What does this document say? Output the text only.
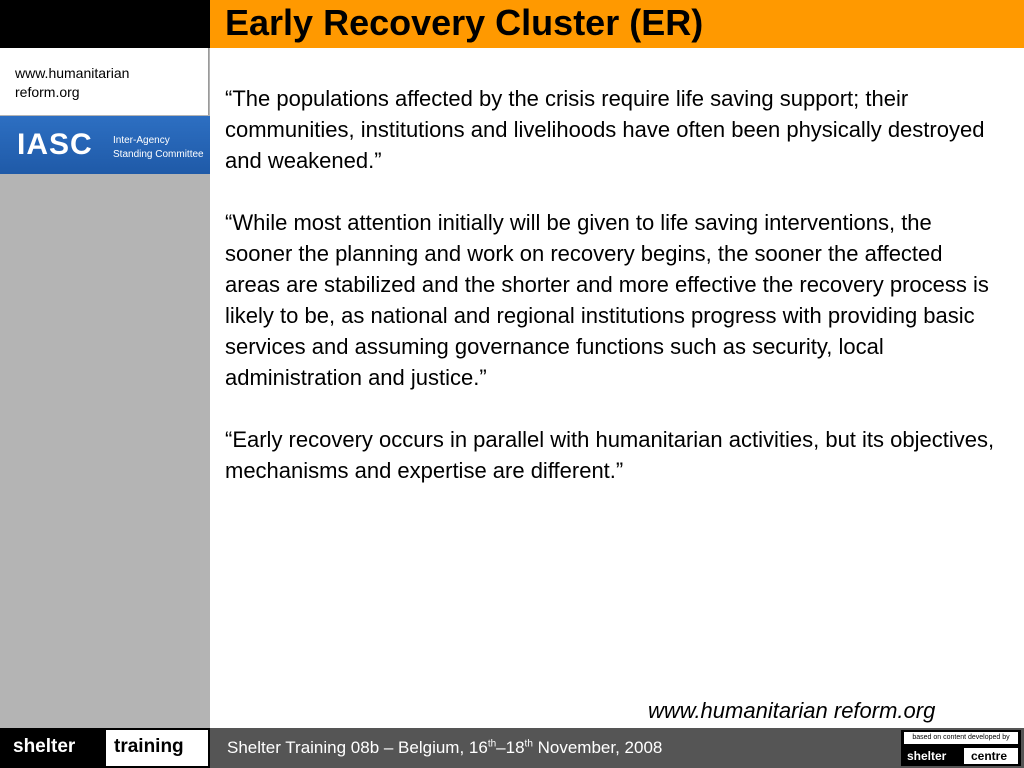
www.humanitarian
reform.org
IASC Inter-Agency
Standing Committee
Early Recovery Cluster (ER)

“The populations affected by the crisis require life saving support; their communities, institutions and livelihoods have often been physically destroyed and weakened.”

“While most attention initially will be given to life saving interventions, the sooner the planning and work on recovery begins, the sooner the affected areas are stabilized and the shorter and more effective the recovery process is likely to be, as national and regional institutions progress with providing basic services and assuming governance functions such as security, local administration and justice.”

“Early recovery occurs in parallel with humanitarian activities, but its objectives, mechanisms and expertise are different.”

www.humanitarian reform.org
shelter training	Shelter Training 08b – Belgium, 16th–18th November, 2008
based on content developed by
shelter centre
